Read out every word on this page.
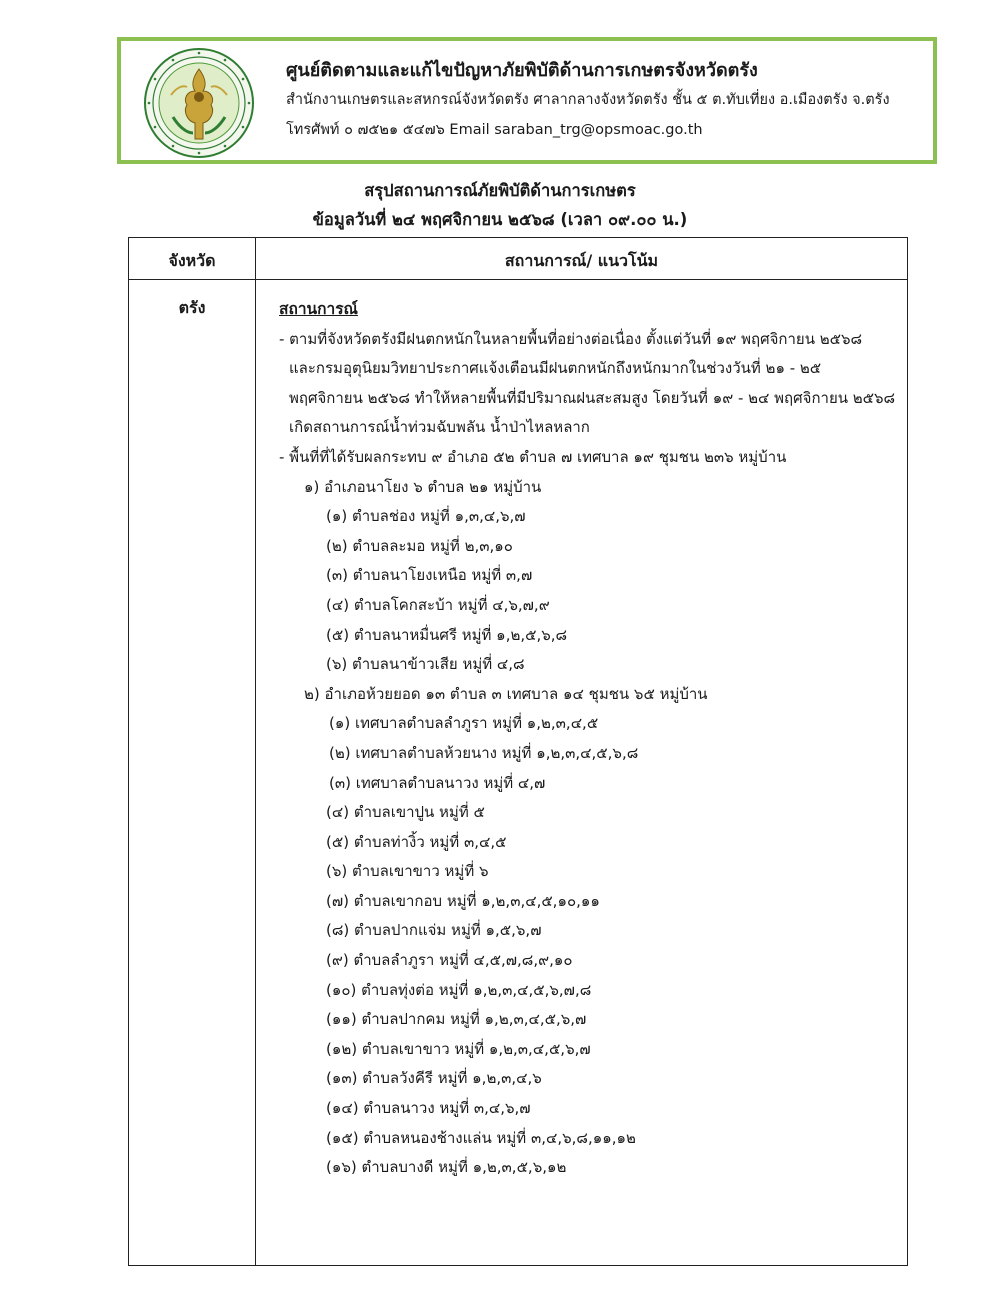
ศูนย์ติดตามและแก้ไขปัญหาภัยพิบัติด้านการเกษตรจังหวัดตรัง
สำนักงานเกษตรและสหกรณ์จังหวัดตรัง ศาลากลางจังหวัดตรัง ชั้น ๕ ต.ทับเที่ยง อ.เมืองตรัง จ.ตรัง
โทรศัพท์ ๐ ๗๕๒๑ ๕๔๗๖ Email saraban_trg@opsmoac.go.th
สรุปสถานการณ์ภัยพิบัติด้านการเกษตร
ข้อมูลวันที่ ๒๔ พฤศจิกายน ๒๕๖๘ (เวลา ๐๙.๐๐ น.)
จังหวัด	สถานการณ์/ แนวโน้ม
ตรัง	สถานการณ์
- ตามที่จังหวัดตรังมีฝนตกหนักในหลายพื้นที่อย่างต่อเนื่อง ตั้งแต่วันที่ ๑๙ พฤศจิกายน ๒๕๖๘
และกรมอุตุนิยมวิทยาประกาศแจ้งเตือนมีฝนตกหนักถึงหนักมากในช่วงวันที่ ๒๑ - ๒๕
พฤศจิกายน ๒๕๖๘ ทำให้หลายพื้นที่มีปริมาณฝนสะสมสูง โดยวันที่ ๑๙ - ๒๔ พฤศจิกายน ๒๕๖๘
เกิดสถานการณ์น้ำท่วมฉับพลัน น้ำป่าไหลหลาก
- พื้นที่ที่ได้รับผลกระทบ ๙ อำเภอ ๕๒ ตำบล ๗ เทศบาล ๑๙ ชุมชน ๒๓๖ หมู่บ้าน
๑) อำเภอนาโยง ๖ ตำบล ๒๑ หมู่บ้าน
(๑) ตำบลช่อง หมู่ที่ ๑,๓,๔,๖,๗
(๒) ตำบลละมอ หมู่ที่ ๒,๓,๑๐
(๓) ตำบลนาโยงเหนือ หมู่ที่ ๓,๗
(๔) ตำบลโคกสะบ้า หมู่ที่ ๔,๖,๗,๙
(๕) ตำบลนาหมื่นศรี หมู่ที่ ๑,๒,๕,๖,๘
(๖) ตำบลนาข้าวเสีย หมู่ที่ ๔,๘
๒) อำเภอห้วยยอด ๑๓ ตำบล ๓ เทศบาล ๑๔ ชุมชน ๖๕ หมู่บ้าน
(๑) เทศบาลตำบลลำภูรา หมู่ที่ ๑,๒,๓,๔,๕
(๒) เทศบาลตำบลห้วยนาง หมู่ที่ ๑,๒,๓,๔,๕,๖,๘
(๓) เทศบาลตำบลนาวง หมู่ที่ ๔,๗
(๔) ตำบลเขาปูน หมู่ที่ ๕
(๕) ตำบลท่างิ้ว หมู่ที่ ๓,๔,๕
(๖) ตำบลเขาขาว หมู่ที่ ๖
(๗) ตำบลเขากอบ หมู่ที่ ๑,๒,๓,๔,๕,๑๐,๑๑
(๘) ตำบลปากแจ่ม หมู่ที่ ๑,๕,๖,๗
(๙) ตำบลลำภูรา หมู่ที่ ๔,๕,๗,๘,๙,๑๐
(๑๐) ตำบลทุ่งต่อ หมู่ที่ ๑,๒,๓,๔,๕,๖,๗,๘
(๑๑) ตำบลปากคม หมู่ที่ ๑,๒,๓,๔,๕,๖,๗
(๑๒) ตำบลเขาขาว หมู่ที่ ๑,๒,๓,๔,๕,๖,๗
(๑๓) ตำบลวังคีรี หมู่ที่ ๑,๒,๓,๔,๖
(๑๔) ตำบลนาวง หมู่ที่ ๓,๔,๖,๗
(๑๕) ตำบลหนองช้างแล่น หมู่ที่ ๓,๔,๖,๘,๑๑,๑๒
(๑๖) ตำบลบางดี หมู่ที่ ๑,๒,๓,๕,๖,๑๒
